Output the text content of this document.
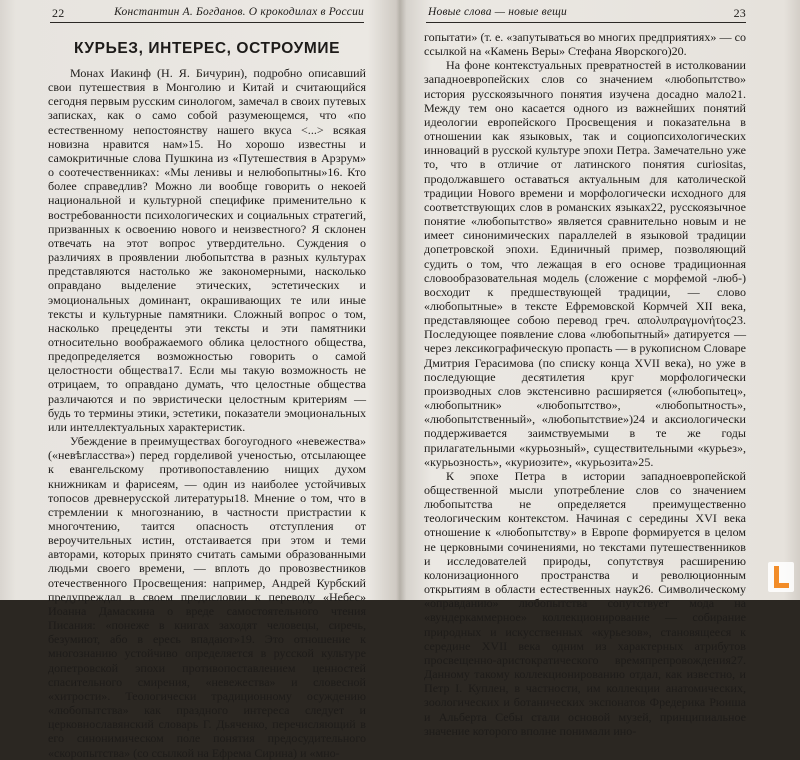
22	Константин А. Богданов. О крокодилах в России
КУРЬЕЗ, ИНТЕРЕС, ОСТРОУМИЕ

Монах Иакинф (Н. Я. Бичурин), подробно описавший свои путешествия в Монголию и Китай и считающийся сегодня первым русским синологом, замечал в своих путевых записках, как о само собой разумеющемся, что «по естественному непостоянству нашего вкуса <...> всякая новизна нравится нам»15. Но хорошо известны и самокритичные слова Пушкина из «Путешествия в Арзрум» о соотечественниках: «Мы ленивы и нелюбопытны»16. Кто более справедлив? Можно ли вообще говорить о некоей национальной и культурной специфике применительно к востребованности психологических и социальных стратегий, призванных к освоению нового и неизвестного? Я склонен отвечать на этот вопрос утвердительно. Суждения о различиях в проявлении любопытства в разных культурах представляются настолько же закономерными, насколько оправдано выделение этических, эстетических и эмоциональных доминант, окрашивающих те или иные тексты и культурные памятники. Сложный вопрос о том, насколько прецеденты эти тексты и эти памятники относительно воображаемого облика целостного общества, предопределяется возможностью говорить о самой целостности общества17. Если мы такую возможность не отрицаем, то оправдано думать, что целостные общества различаются и по эвристически целостным критериям — будь то термины этики, эстетики, показатели эмоциональных или интеллектуальных характеристик.

Убеждение в преимуществах богоугодного «невежества» («невѣгласства») перед горделивой ученостью, отсылающее к евангельскому противопоставлению нищих духом книжникам и фарисеям, — один из наиболее устойчивых топосов древнерусской литературы18. Мнение о том, что в стремлении к многознанию, в частности пристрастии к многочтению, таится опасность отступления от вероучительных истин, отстаивается при этом и теми авторами, которых принято считать самыми образованными людьми своего времени, — вплоть до провозвестников отечественного Просвещения: например, Андрей Курбский предупреждал в своем предисловии к переводу «Небес» Иоанна Дамаскина о вреде самостоятельного чтения Писания: «понеже в книгах заходят человецы, сиречь, безумиют, або в ересь впадают»19. Это отношение к многознанию устойчиво определяется в русской культуре допетровской эпохи противопоставлением ценностей спасительного смирения, «невежества» и словесной «хитрости». Теологически традиционному осуждению «любопытства» как праздного интереса следует и церковнославянский словарь Г. Дьяченко, перечисляющий в его синонимическом поле понятия предосудительного «скоропытства» (со ссылкой на Ефрема Сирина) и «мно-

Новые слова — новые вещи	23

гопытати» (т. е. «запутываться во многих предприятиях» — со ссылкой на «Камень Веры» Стефана Яворского)20.

На фоне контекстуальных превратностей в истолковании западноевропейских слов со значением «любопытство» история русскоязычного понятия изучена досадно мало21. Между тем оно касается одного из важнейших понятий идеологии европейского Просвещения и показательна в отношении как языковых, так и социопсихологических инноваций в русской культуре эпохи Петра. Замечательно уже то, что в отличие от латинского понятия curiositas, продолжавшего оставаться актуальным для католической традиции Нового времени и морфологически исходного для соответствующих слов в романских языках22, русскоязычное понятие «любопытство» является сравнительно новым и не имеет синонимических параллелей в языковой традиции допетровской эпохи. Единичный пример, позволяющий судить о том, что лежащая в его основе традиционная словообразовательная модель (сложение с морфемой -люб-) восходит к предшествующей традиции, — слово «любопытные» в тексте Ефремовской Кормчей XII века, представляющее собою перевод греч. απολυπραγμονήτος23. Последующее появление слова «любопытный» датируется — через лексикографическую пропасть — в рукописном Словаре Дмитрия Герасимова (по списку конца XVII века), но уже в последующие десятилетия круг морфологически производных слов экстенсивно расширяется («любопытец», «любопытник» «любопытство», «любопытность», «любопытственный», «любопытствие»)24 и аксиологически поддерживается заимствуемыми в те же годы прилагательными «курьозный», существительными «курьез», «курьозность», «куриозите», «курьозита»25.

К эпохе Петра в истории западноевропейской общественной мысли употребление слов со значением любопытства не определяется преимущественно теологическим контекстом. Начиная с середины XVI века отношение к «любопытству» в Европе формируется в целом не церковными сочинениями, но текстами путешественников и исследователей природы, сопутствуя расширению колонизационного пространства и революционным открытиям в области естественных наук26. Символическому «оправданию» любопытства сопутствует мода на «вундеркаммерное» коллекционирование — собирание природных и искусственных «курьезов», становящееся к середине XVII века одним из характерных атрибутов просвещенно-аристократического времяпрепровождения27. Данному такому коллекционированию отдал, как известно, и Петр I. Куплен, в частности, им коллекции анатомических, зоологических и ботанических экспонатов Фредерика Рюиша и Альберта Себы стали основой музей, принципиальное значение которого вполне понимали ино-
